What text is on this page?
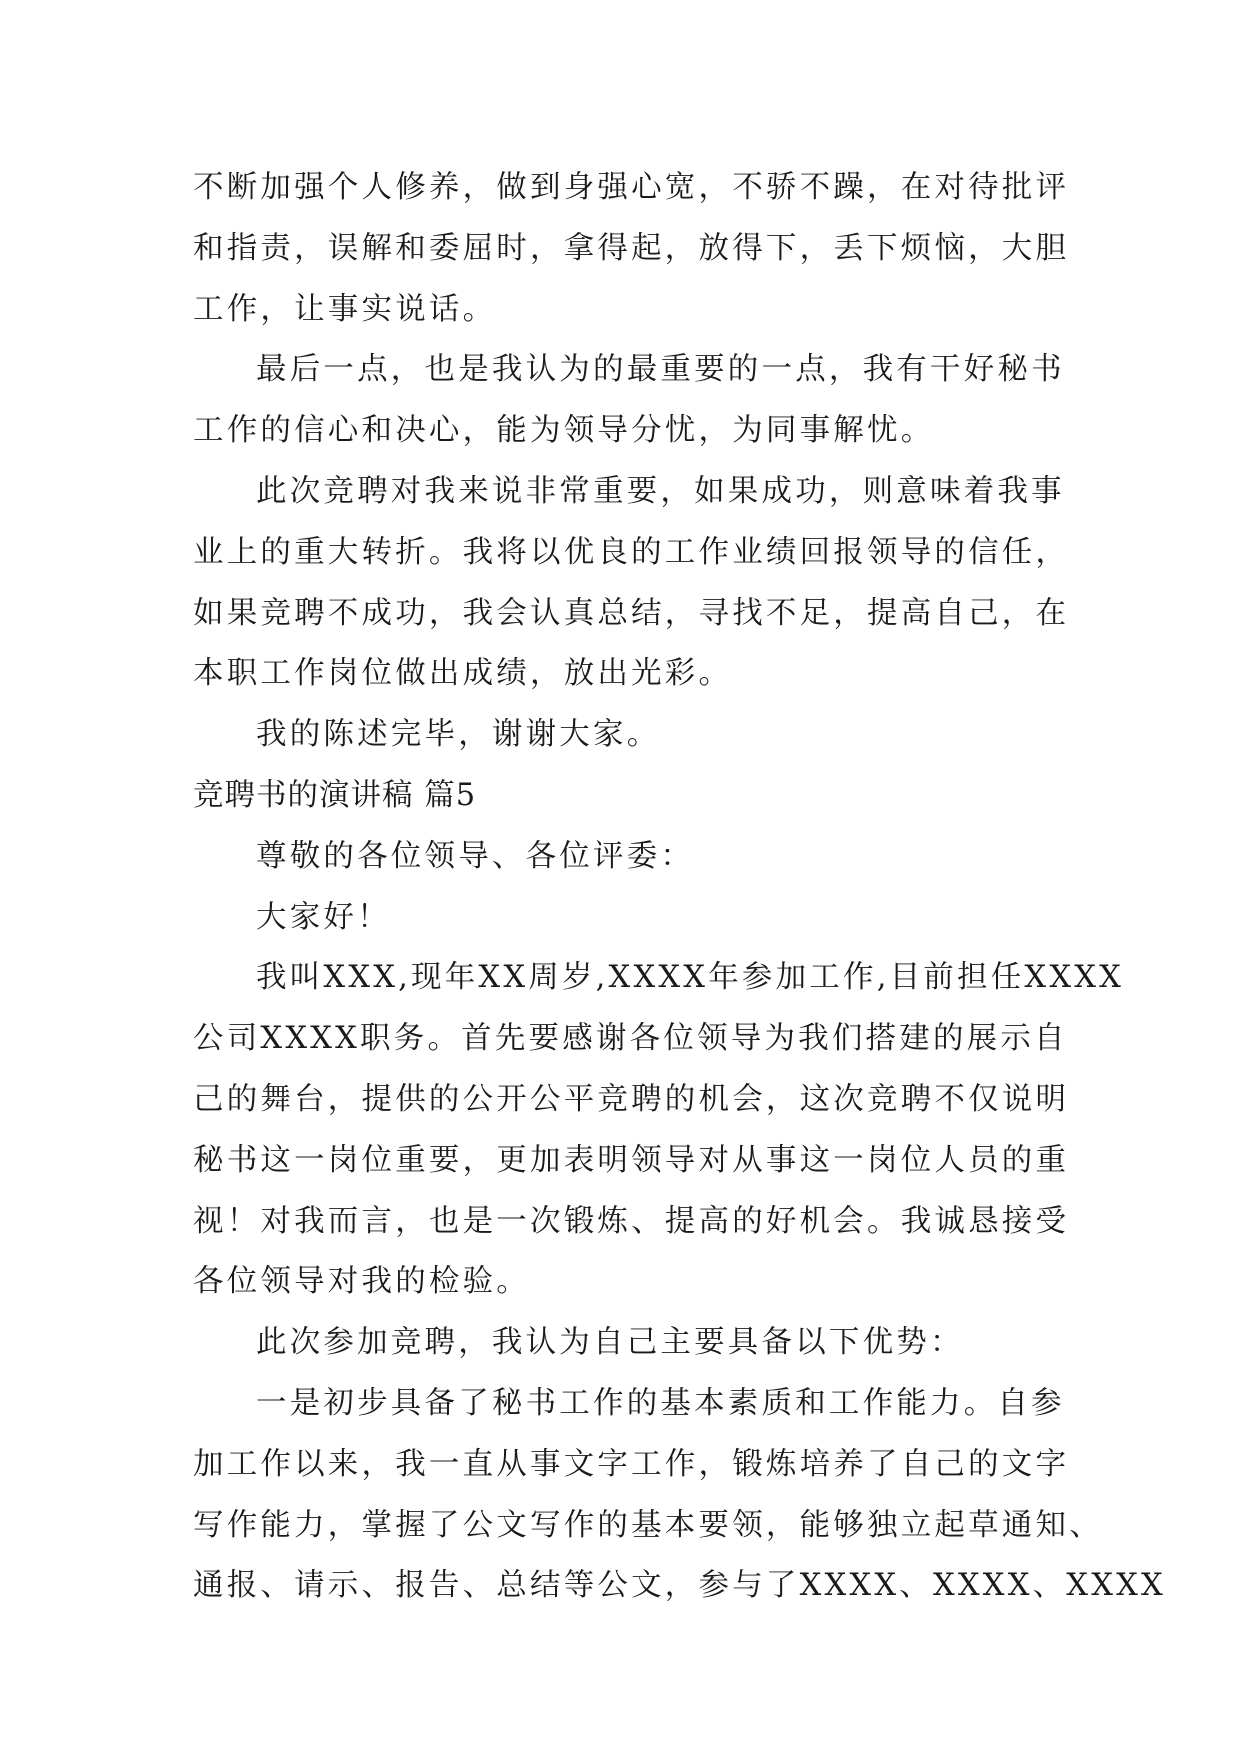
不断加强个人修养，做到身强心宽，不骄不躁，在对待批评
和指责，误解和委屈时，拿得起，放得下，丢下烦恼，大胆
工作，让事实说话。
最后一点，也是我认为的最重要的一点，我有干好秘书
工作的信心和决心，能为领导分忧，为同事解忧。
此次竞聘对我来说非常重要，如果成功，则意味着我事
业上的重大转折。我将以优良的工作业绩回报领导的信任，
如果竞聘不成功，我会认真总结，寻找不足，提高自己，在
本职工作岗位做出成绩，放出光彩。
我的陈述完毕，谢谢大家。
竞聘书的演讲稿 篇5
尊敬的各位领导、各位评委：
大家好！
我叫XXX,现年XX周岁,XXXX年参加工作,目前担任XXXX
公司XXXX职务。首先要感谢各位领导为我们搭建的展示自
己的舞台，提供的公开公平竞聘的机会，这次竞聘不仅说明
秘书这一岗位重要，更加表明领导对从事这一岗位人员的重
视！对我而言，也是一次锻炼、提高的好机会。我诚恳接受
各位领导对我的检验。
此次参加竞聘，我认为自己主要具备以下优势：
一是初步具备了秘书工作的基本素质和工作能力。自参
加工作以来，我一直从事文字工作，锻炼培养了自己的文字
写作能力，掌握了公文写作的基本要领，能够独立起草通知、
通报、请示、报告、总结等公文，参与了XXXX、XXXX、XXXX
